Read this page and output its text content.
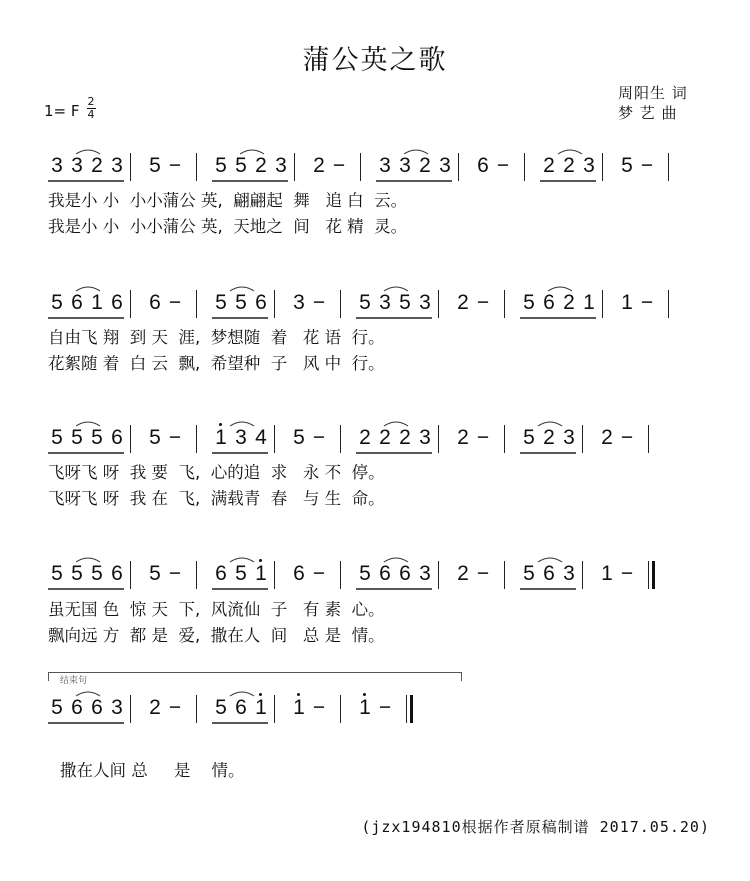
蒲公英之歌
周阳生 词
梦 艺 曲
1= F
2
4
3 3 2 3 5 − 5 5 2 3 2 − 3 3 2 3 6 − 2 2 3 5 −
5 6 1 6 6 − 5 5 6 3 − 5 3 5 3 2 − 5 6 2 1 1 −
5 5 5 6 5 − 1 3 4 5 − 2 2 2 3 2 − 5 2 3 2 −
5 5 5 6 5 − 6 5 1 6 − 5 6 6 3 2 − 5 6 3 1 −
5 6 6 3 2 − 5 6 1 1 − 1 −
结束句
我是小 小  小小蒲公 英,  翩翩起  舞   追 白  云。
我是小 小  小小蒲公 英,  天地之  间   花 精  灵。
自由飞 翔  到 天  涯,  梦想随  着   花 语  行。
花絮随 着  白 云  飘,  希望种  子   风 中  行。
飞呀飞 呀  我 要  飞,  心的追  求   永 不  停。
飞呀飞 呀  我 在  飞,  满载青  春   与 生  命。
虽无国 色  惊 天  下,  风流仙  子   有 素  心。
飘向远 方  都 是  爱,  撒在人  间   总 是  情。
撒在人间 总     是    情。
(jzx194810根据作者原稿制谱 2017.05.20)
